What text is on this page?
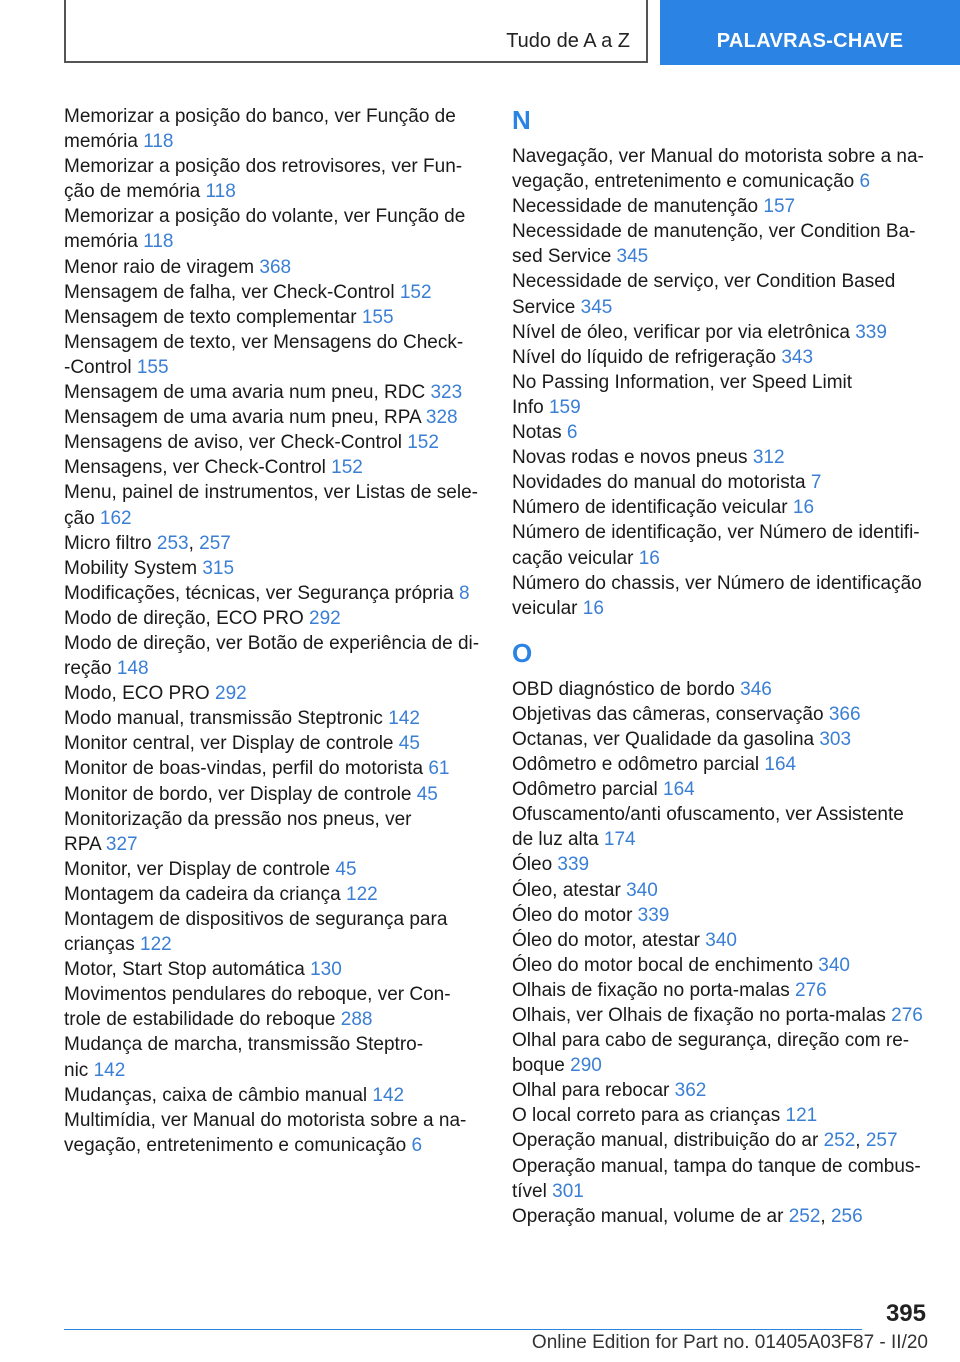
Tudo de A a Z	PALAVRAS-CHAVE
Memorizar a posição do banco, ver Função de
memória 118
Memorizar a posição dos retrovisores, ver Fun-
ção de memória 118
Memorizar a posição do volante, ver Função de
memória 118
Menor raio de viragem 368
Mensagem de falha, ver Check-Control 152
Mensagem de texto complementar 155
Mensagem de texto, ver Mensagens do Check-
-Control 155
Mensagem de uma avaria num pneu, RDC 323
Mensagem de uma avaria num pneu, RPA 328
Mensagens de aviso, ver Check-Control 152
Mensagens, ver Check-Control 152
Menu, painel de instrumentos, ver Listas de sele-
ção 162
Micro filtro 253, 257
Mobility System 315
Modificações, técnicas, ver Segurança própria 8
Modo de direção, ECO PRO 292
Modo de direção, ver Botão de experiência de di-
reção 148
Modo, ECO PRO 292
Modo manual, transmissão Steptronic 142
Monitor central, ver Display de controle 45
Monitor de boas-vindas, perfil do motorista 61
Monitor de bordo, ver Display de controle 45
Monitorização da pressão nos pneus, ver
RPA 327
Monitor, ver Display de controle 45
Montagem da cadeira da criança 122
Montagem de dispositivos de segurança para
crianças 122
Motor, Start Stop automática 130
Movimentos pendulares do reboque, ver Con-
trole de estabilidade do reboque 288
Mudança de marcha, transmissão Steptro-
nic 142
Mudanças, caixa de câmbio manual 142
Multimídia, ver Manual do motorista sobre a na-
vegação, entretenimento e comunicação 6
N
Navegação, ver Manual do motorista sobre a na-
vegação, entretenimento e comunicação 6
Necessidade de manutenção 157
Necessidade de manutenção, ver Condition Ba-
sed Service 345
Necessidade de serviço, ver Condition Based
Service 345
Nível de óleo, verificar por via eletrônica 339
Nível do líquido de refrigeração 343
No Passing Information, ver Speed Limit
Info 159
Notas 6
Novas rodas e novos pneus 312
Novidades do manual do motorista 7
Número de identificação veicular 16
Número de identificação, ver Número de identifi-
cação veicular 16
Número do chassis, ver Número de identificação
veicular 16
O
OBD diagnóstico de bordo 346
Objetivas das câmeras, conservação 366
Octanas, ver Qualidade da gasolina 303
Odômetro e odômetro parcial 164
Odômetro parcial 164
Ofuscamento/anti ofuscamento, ver Assistente
de luz alta 174
Óleo 339
Óleo, atestar 340
Óleo do motor 339
Óleo do motor, atestar 340
Óleo do motor bocal de enchimento 340
Olhais de fixação no porta-malas 276
Olhais, ver Olhais de fixação no porta-malas 276
Olhal para cabo de segurança, direção com re-
boque 290
Olhal para rebocar 362
O local correto para as crianças 121
Operação manual, distribuição do ar 252, 257
Operação manual, tampa do tanque de combus-
tível 301
Operação manual, volume de ar 252, 256
395
Online Edition for Part no. 01405A03F87 - II/20
